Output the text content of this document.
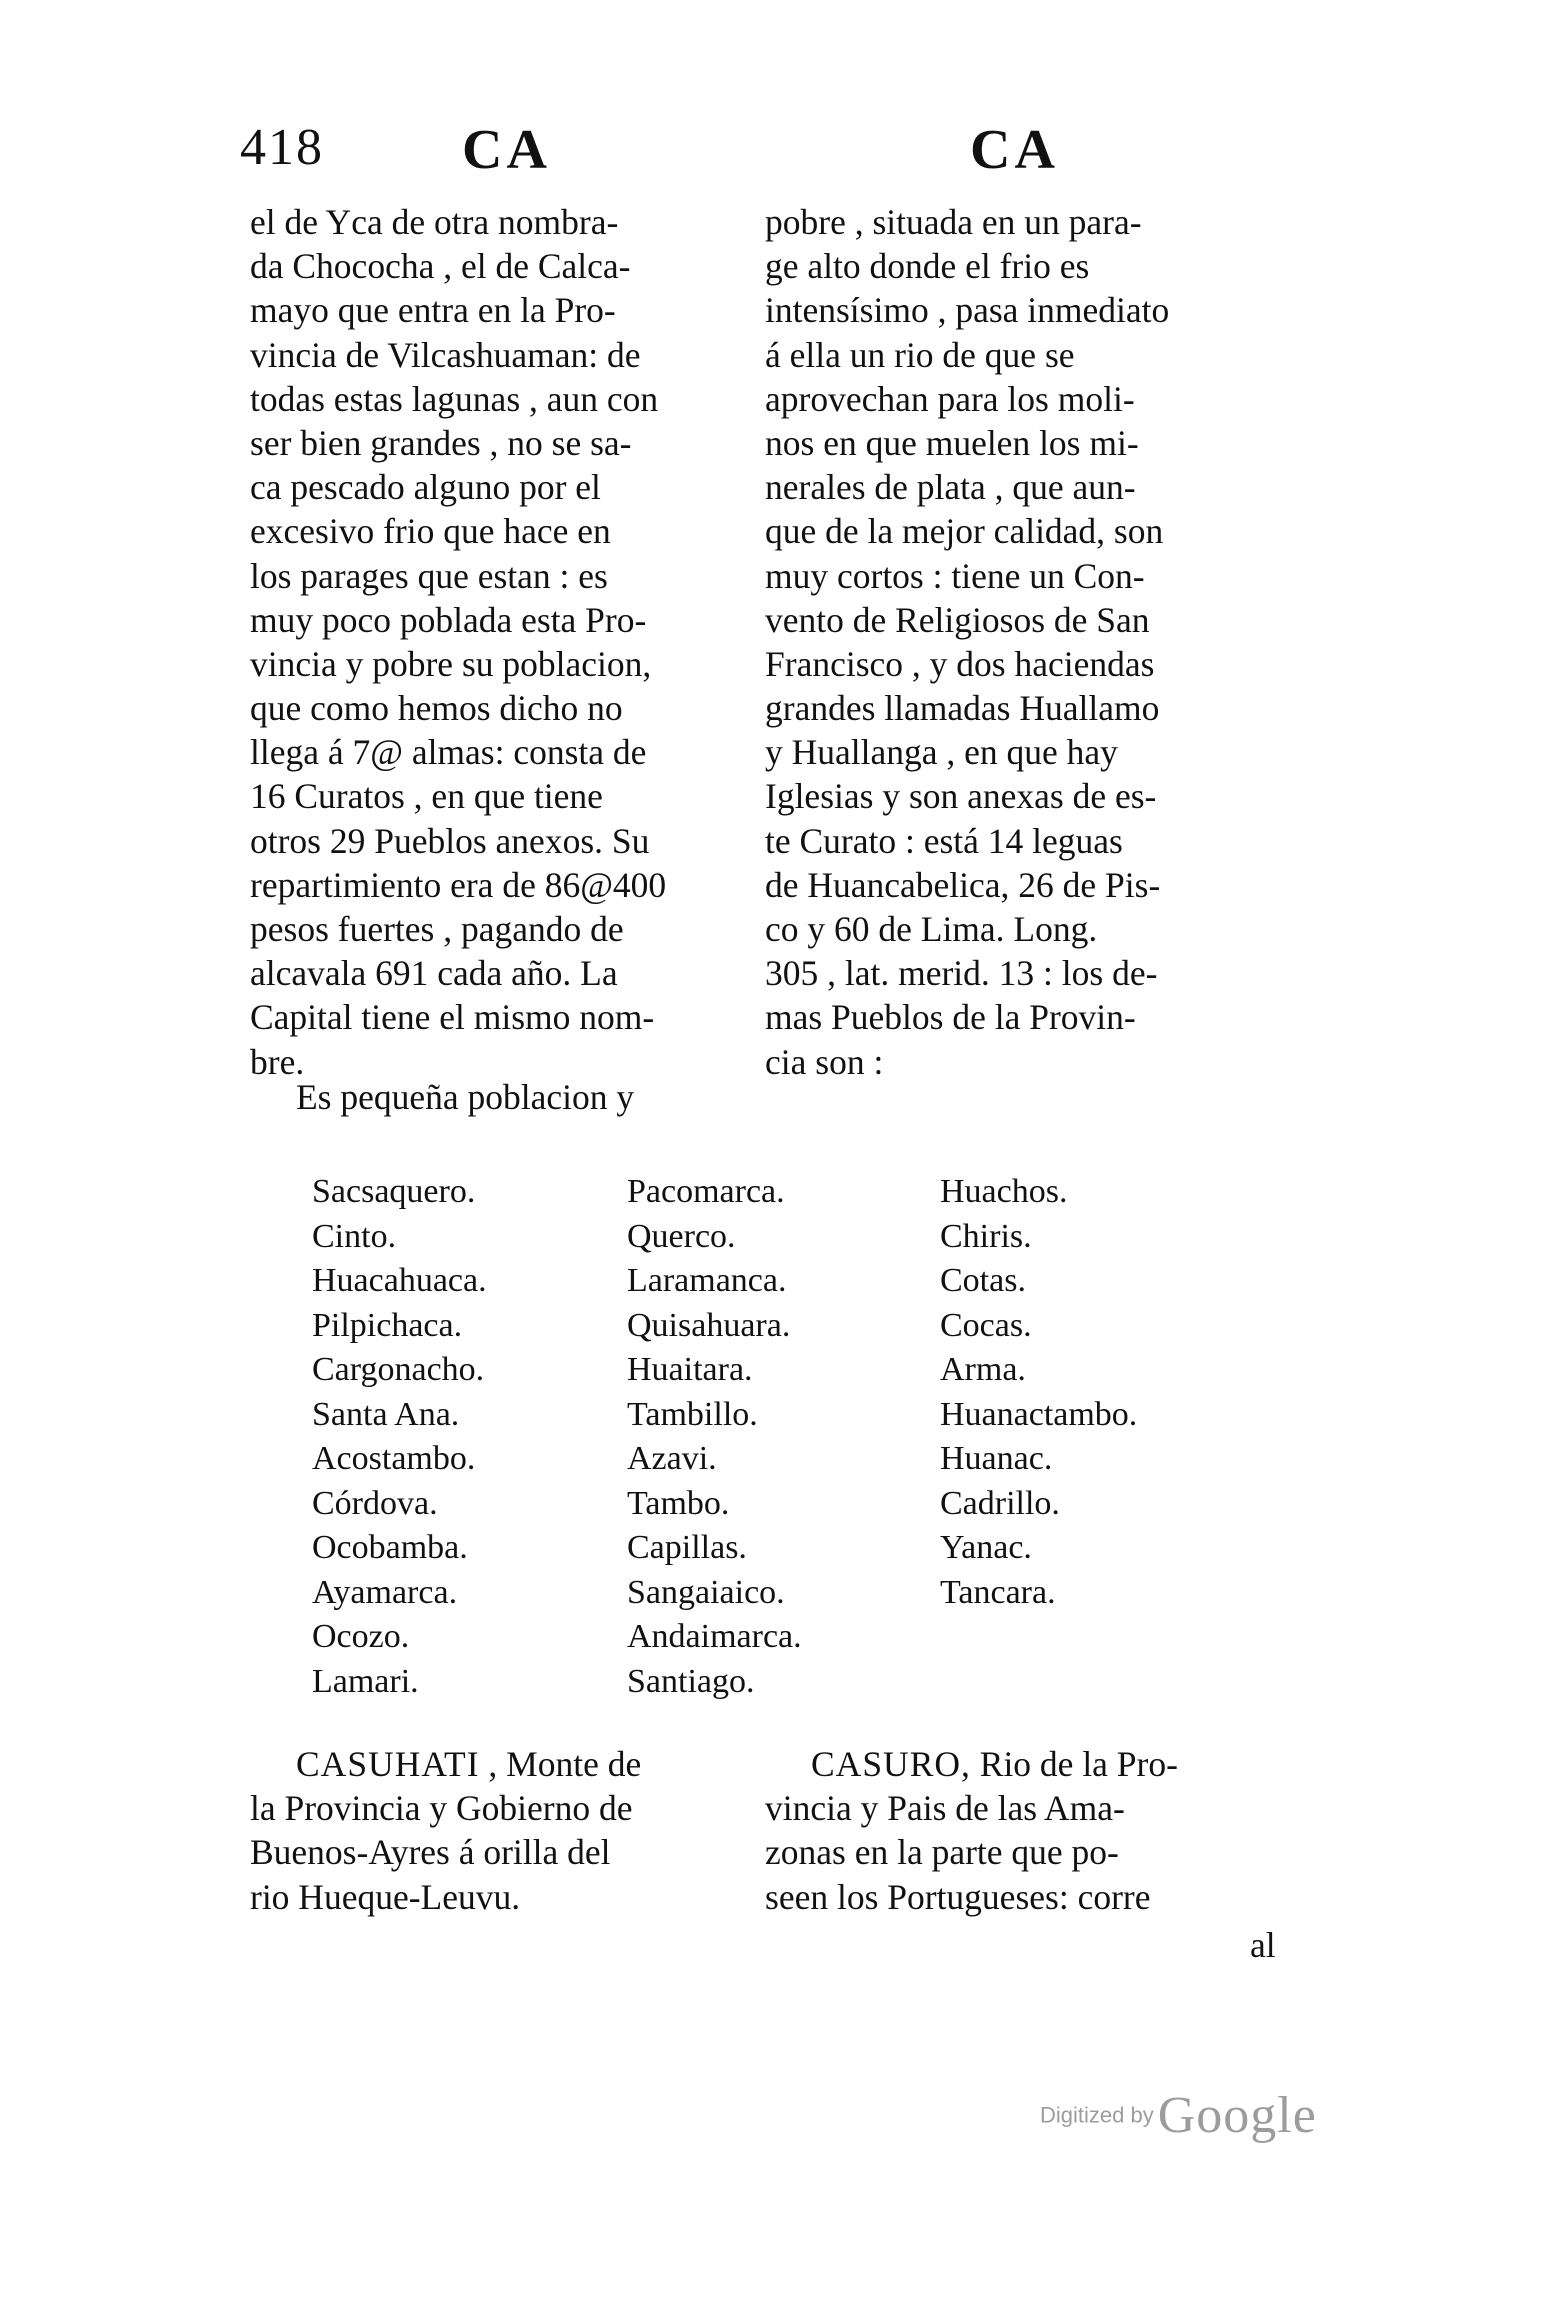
418 CA	CA
el de Yca de otra nombra-
da Chococha , el de Calca-
mayo que entra en la Pro-
vincia de Vilcashuaman: de
todas estas lagunas , aun con
ser bien grandes , no se sa-
ca pescado alguno por el
excesivo frio que hace en
los parages que estan : es
muy poco poblada esta Pro-
vincia y pobre su poblacion,
que como hemos dicho no
llega á 7@ almas: consta de
16 Curatos , en que tiene
otros 29 Pueblos anexos. Su
repartimiento era de 86@400
pesos fuertes , pagando de
alcavala 691 cada año. La
Capital tiene el mismo nom-
bre.
Es pequeña poblacion y
pobre , situada en un para-
ge alto donde el frio es
intensísimo , pasa inmediato
á ella un rio de que se
aprovechan para los moli-
nos en que muelen los mi-
nerales de plata , que aun-
que de la mejor calidad, son
muy cortos : tiene un Con-
vento de Religiosos de San
Francisco , y dos haciendas
grandes llamadas Huallamo
y Huallanga , en que hay
Iglesias y son anexas de es-
te Curato : está 14 leguas
de Huancabelica, 26 de Pis-
co y 60 de Lima. Long.
305 , lat. merid. 13 : los de-
mas Pueblos de la Provin-
cia son :
Sacsaquero.
Cinto.
Huacahuaca.
Pilpichaca.
Cargonacho.
Santa Ana.
Acostambo.
Córdova.
Ocobamba.
Ayamarca.
Ocozo.
Lamari.
Pacomarca.
Querco.
Laramanca.
Quisahuara.
Huaitara.
Tambillo.
Azavi.
Tambo.
Capillas.
Sangaiaico.
Andaimarca.
Santiago.
Huachos.
Chiris.
Cotas.
Cocas.
Arma.
Huanactambo.
Huanac.
Cadrillo.
Yanac.
Tancara.
CASUHATI
, Monte de
la Provincia y Gobierno de
Buenos-Ayres á orilla del
rio Hueque-Leuvu.
CASURO,
Rio de la Pro-
vincia y Pais de las Ama-
zonas en la parte que po-
seen los Portugueses: corre
al
Digitized by Google
